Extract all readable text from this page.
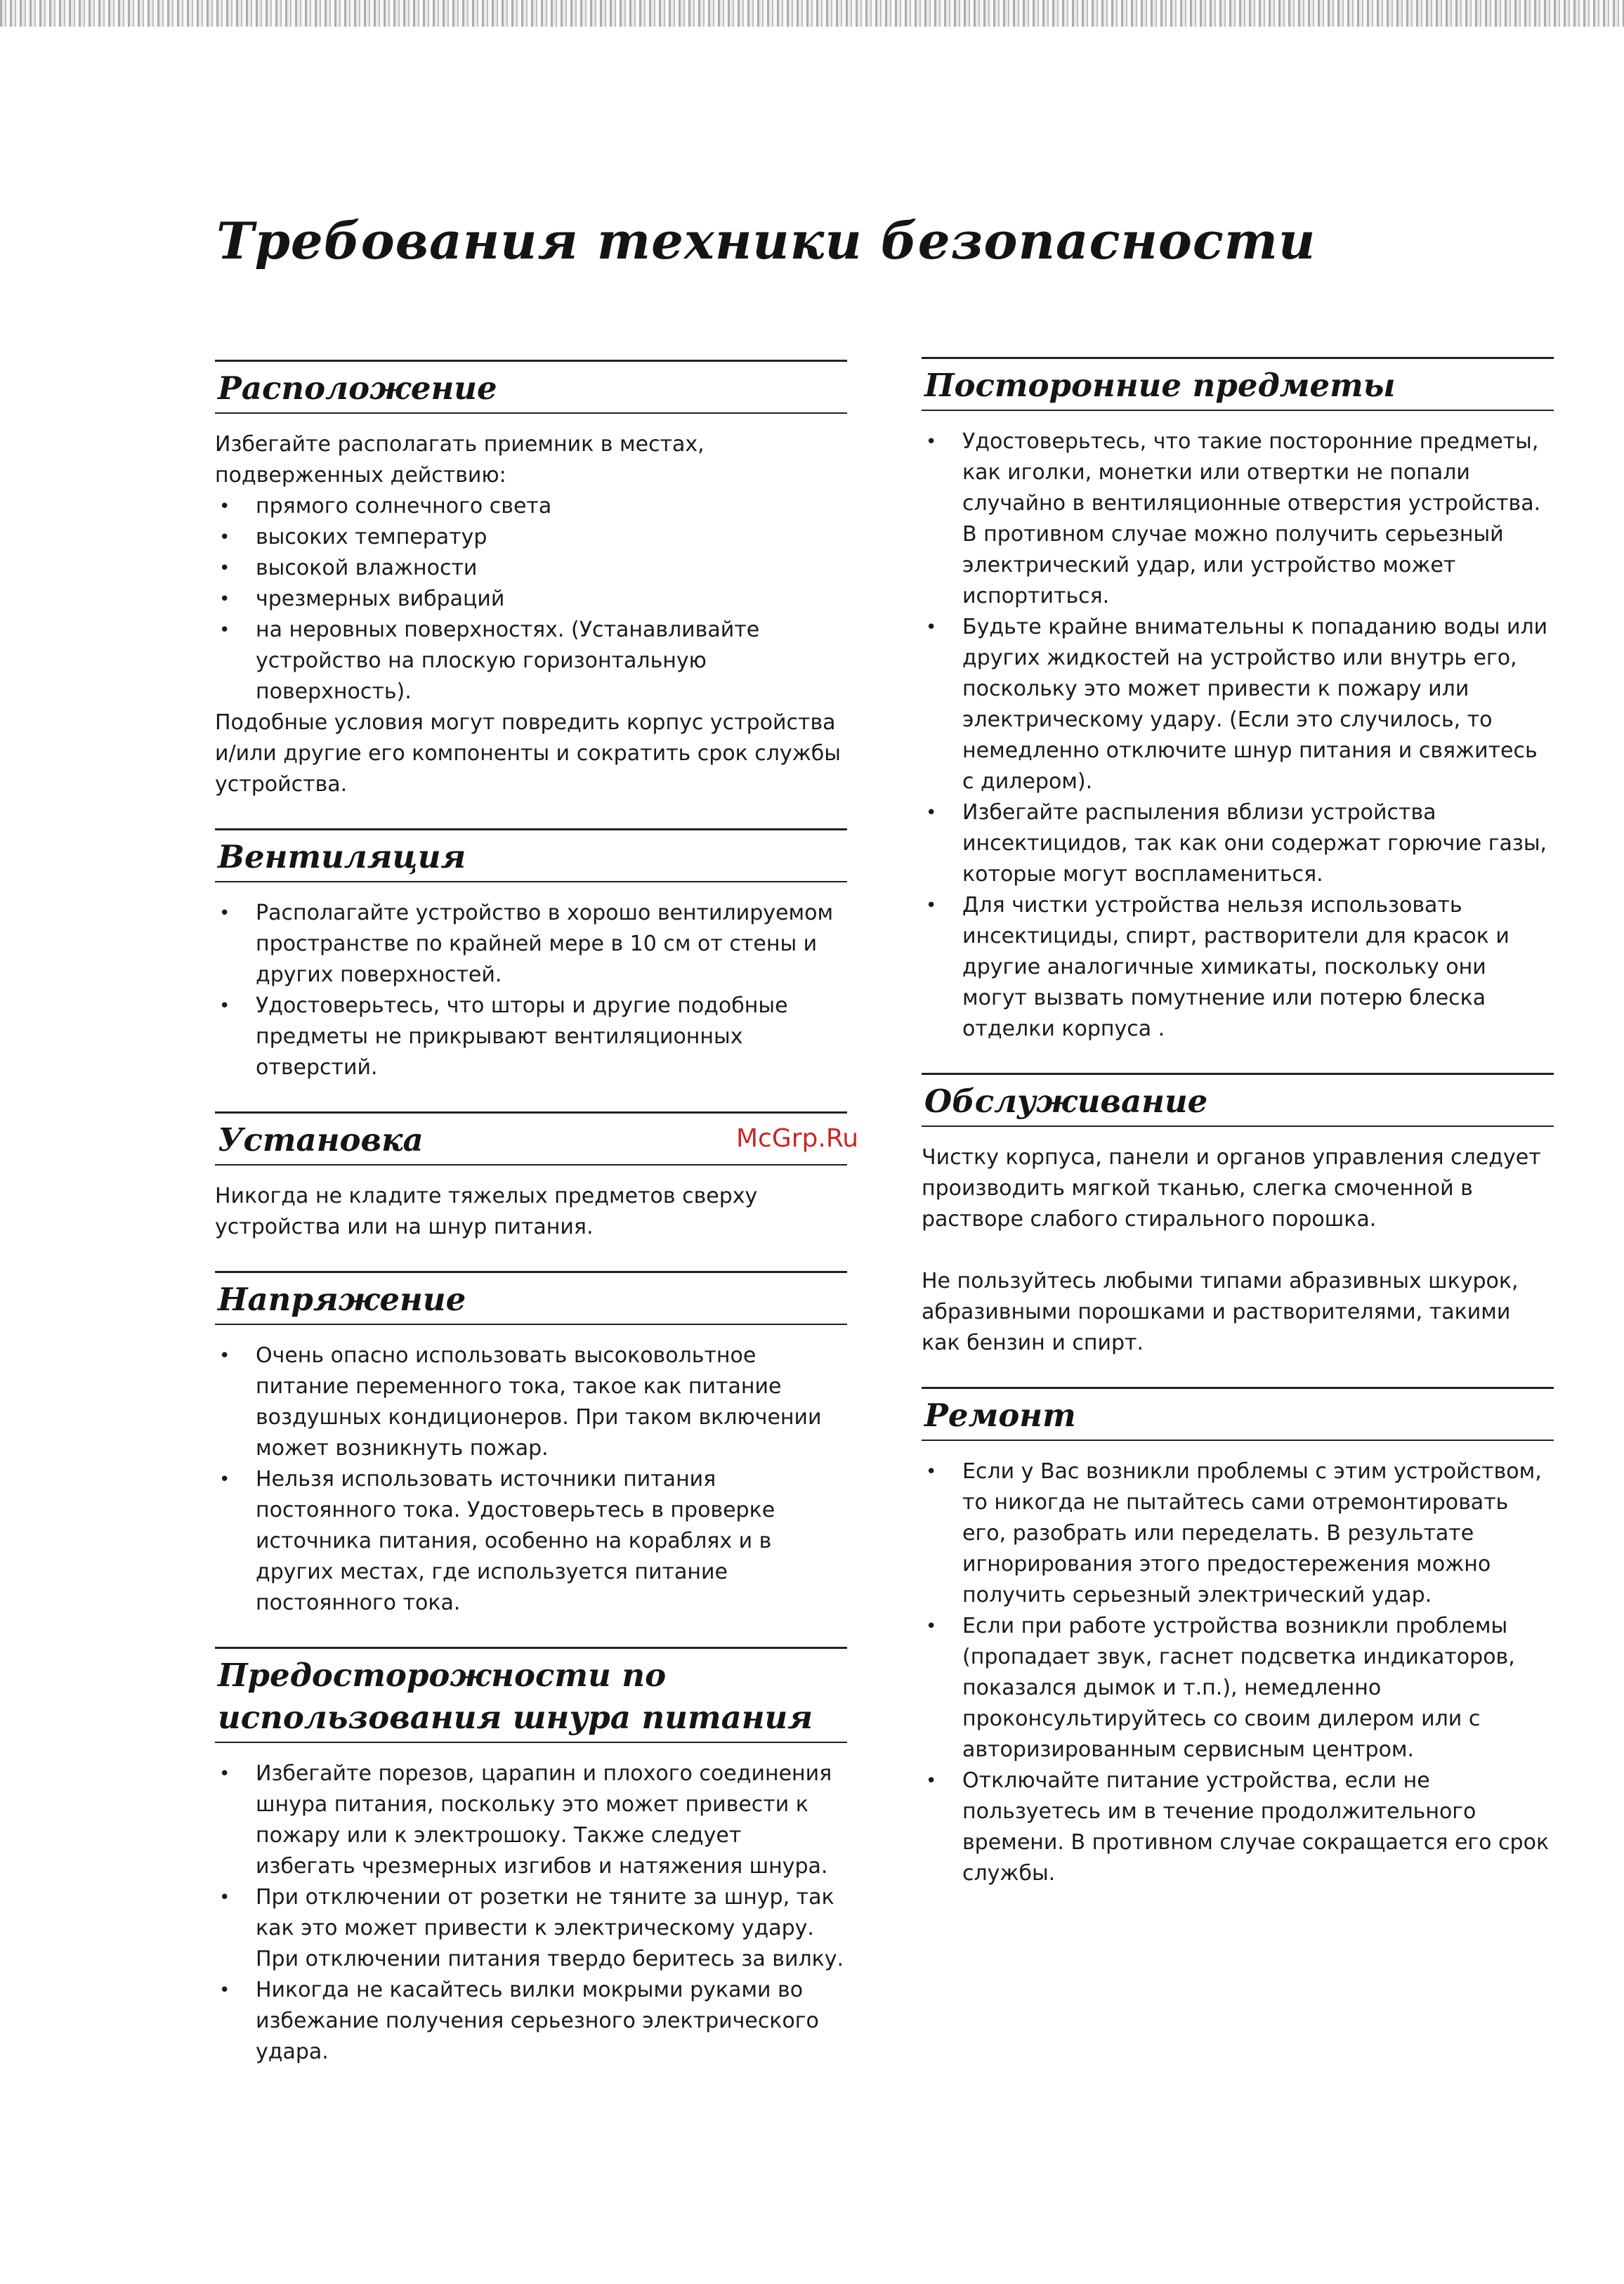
Требования техники безопасности
McGrp.Ru
Расположение

Избегайте располагать приемник в местах, подверженных действию:

• прямого солнечного света
• высоких температур
• высокой влажности
• чрезмерных вибраций
• на неровных поверхностях. (Устанавливайте устройство на плоскую горизонтальную поверхность).

Подобные условия могут повредить корпус устройства и/или другие его компоненты и сократить срок службы устройства.

Вентиляция
• Располагайте устройство в хорошо вентилируемом пространстве по крайней мере в 10 см от стены и других поверхностей.
• Удостоверьтесь, что шторы и другие подобные предметы не прикрывают вентиляционных отверстий.
Установка

Никогда не кладите тяжелых предметов сверху устройства или на шнур питания.

Напряжение
• Очень опасно использовать высоковольтное питание переменного тока, такое как питание воздушных кондиционеров. При таком включении может возникнуть пожар.
• Нельзя использовать источники питания постоянного тока. Удостоверьтесь в проверке источника питания, особенно на кораблях и в других местах, где используется питание постоянного тока.
Предосторожности по
использования шнура питания
• Избегайте порезов, царапин и плохого соединения шнура питания, поскольку это может привести к пожару или к электрошоку. Также следует избегать чрезмерных изгибов и натяжения шнура.
• При отключении от розетки не тяните за шнур, так как это может привести к электрическому удару. При отключении питания твердо беритесь за вилку.
• Никогда не касайтесь вилки мокрыми руками во избежание получения серьезного электрического удара.
Посторонние предметы
• Удостоверьтесь, что такие посторонние предметы, как иголки, монетки или отвертки не попали случайно в вентиляционные отверстия устройства. В противном случае можно получить серьезный электрический удар, или устройство может испортиться.
• Будьте крайне внимательны к попаданию воды или других жидкостей на устройство или внутрь его, поскольку это может привести к пожару или электрическому удару. (Если это случилось, то немедленно отключите шнур питания и свяжитесь с дилером).
• Избегайте распыления вблизи устройства инсектицидов, так как они содержат горючие газы, которые могут воспламениться.
• Для чистки устройства нельзя использовать инсектициды, спирт, растворители для красок и другие аналогичные химикаты, поскольку они могут вызвать помутнение или потерю блеска отделки корпуса .
Обслуживание

Чистку корпуса, панели и органов управления следует производить мягкой тканью, слегка смоченной в растворе слабого стирального порошка.

Не пользуйтесь любыми типами абразивных шкурок, абразивными порошками и растворителями, такими как бензин и спирт.

Ремонт
• Если у Вас возникли проблемы с этим устройством, то никогда не пытайтесь сами отремонтировать его, разобрать или переделать. В результате игнорирования этого предостережения можно получить серьезный электрический удар.
• Если при работе устройства возникли проблемы (пропадает звук, гаснет подсветка индикаторов, показался дымок и т.п.), немедленно проконсультируйтесь со своим дилером или с авторизированным сервисным центром.
• Отключайте питание устройства, если не пользуетесь им в течение продолжительного времени. В противном случае сокращается его срок службы.
